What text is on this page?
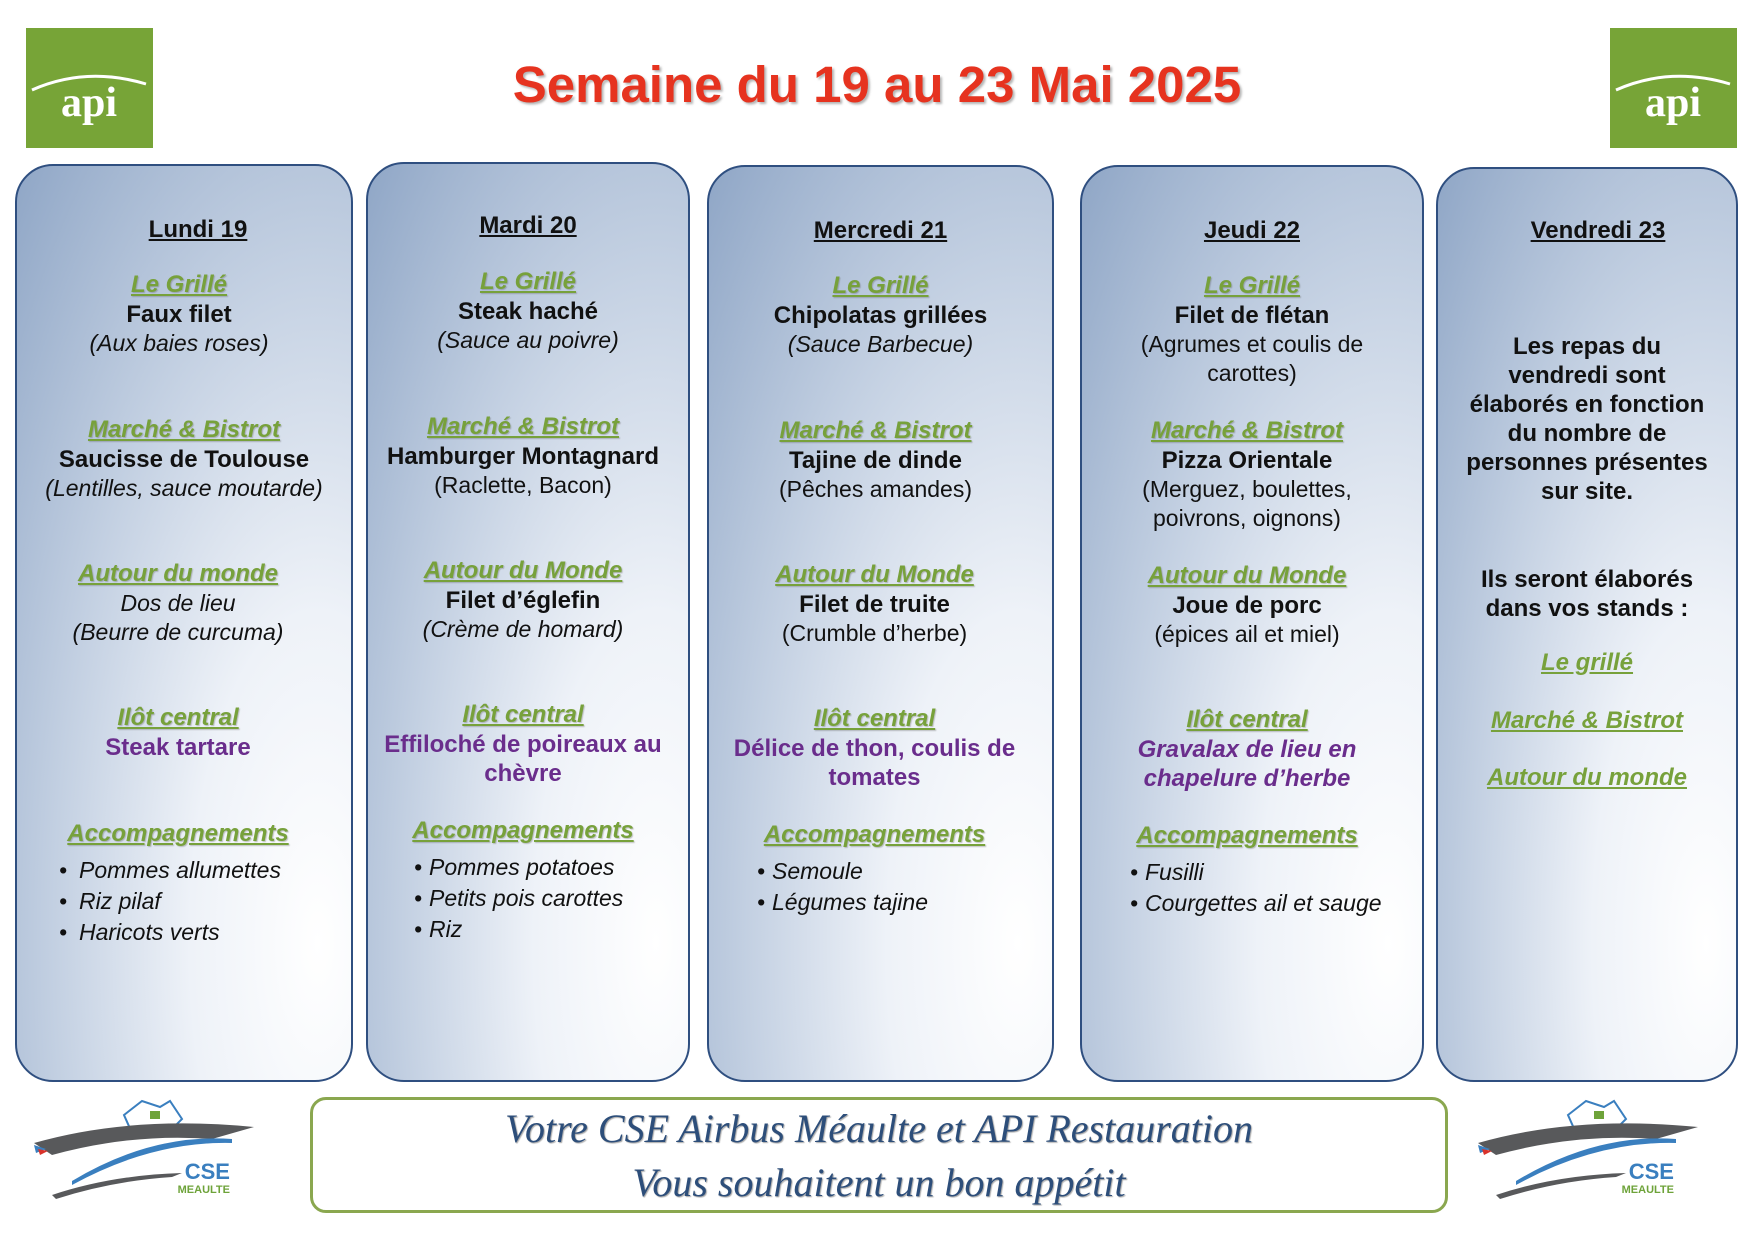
api	api
Semaine du 19 au 23 Mai 2025
Lundi 19
Le Grillé
Faux filet
(Aux baies roses)
Marché & Bistrot
Saucisse de Toulouse
(Lentilles, sauce moutarde)
Autour du monde
Dos de lieu
(Beurre de curcuma)
Ilôt central
Steak tartare
Accompagnements
• Pommes allumettes
• Riz pilaf
• Haricots verts
Mardi 20
Le Grillé
Steak haché
(Sauce au poivre)
Marché & Bistrot
Hamburger Montagnard
(Raclette, Bacon)
Autour du Monde
Filet d’églefin
(Crème de homard)
Ilôt central
Effiloché de poireaux au
chèvre
Accompagnements
• Pommes potatoes
• Petits pois carottes
• Riz
Mercredi 21
Le Grillé
Chipolatas grillées
(Sauce Barbecue)
Marché & Bistrot
Tajine de dinde
(Pêches amandes)
Autour du Monde
Filet de truite
(Crumble d’herbe)
Ilôt central
Délice de thon, coulis de
tomates
Accompagnements
• Semoule
• Légumes tajine
Jeudi 22
Le Grillé
Filet de flétan
(Agrumes et coulis de
carottes)
Marché & Bistrot
Pizza Orientale
(Merguez, boulettes,
poivrons, oignons)
Autour du Monde
Joue de porc
(épices ail et miel)
Ilôt central
Gravalax de lieu en
chapelure d’herbe
Accompagnements
• Fusilli
• Courgettes ail et sauge
Vendredi 23
Les repas du
vendredi sont
élaborés en fonction
du nombre de
personnes présentes
sur site.
Ils seront élaborés
dans vos stands :
Le grillé
Marché & Bistrot
Autour du monde
CSE
MEAULTE
CSE
MEAULTE
Votre CSE Airbus Méaulte et API Restauration
Vous souhaitent un bon appétit
